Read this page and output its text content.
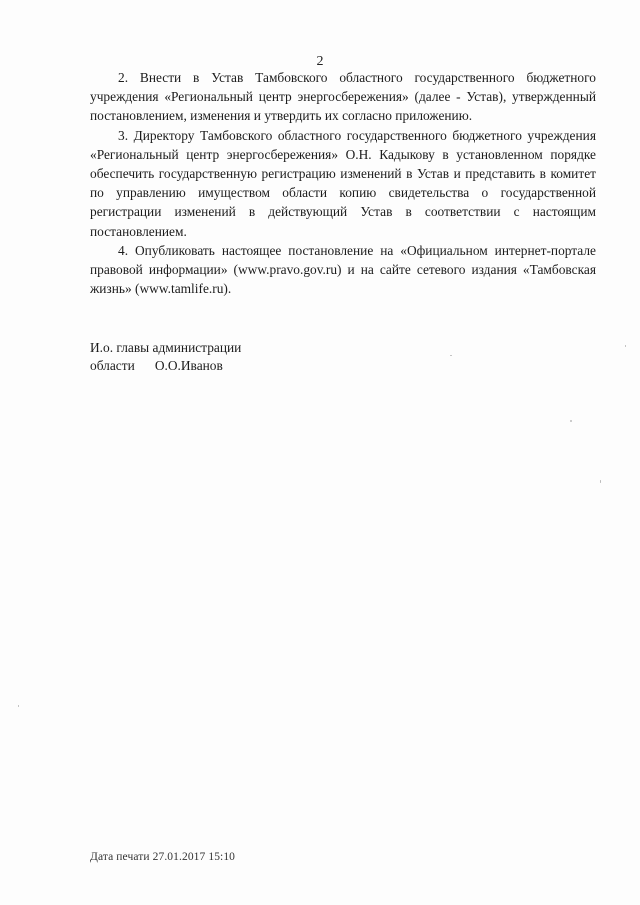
2

2. Внести в Устав Тамбовского областного государственного бюджетного учреждения «Региональный центр энергосбережения» (далее - Устав), утвержденный постановлением, изменения и утвердить их согласно приложению.

3. Директору Тамбовского областного государственного бюджетного учреждения «Региональный центр энергосбережения» О.Н. Кадыкову в установленном порядке обеспечить государственную регистрацию изменений в Устав и представить в комитет по управлению имуществом области копию свидетельства о государственной регистрации изменений в действующий Устав в соответствии с настоящим постановлением.

4. Опубликовать настоящее постановление на «Официальном интернет-портале правовой информации» (www.pravo.gov.ru) и на сайте сетевого издания «Тамбовская жизнь» (www.tamlife.ru).

И.о. главы администрации
области      О.О.Иванов
Дата печати 27.01.2017 15:10
